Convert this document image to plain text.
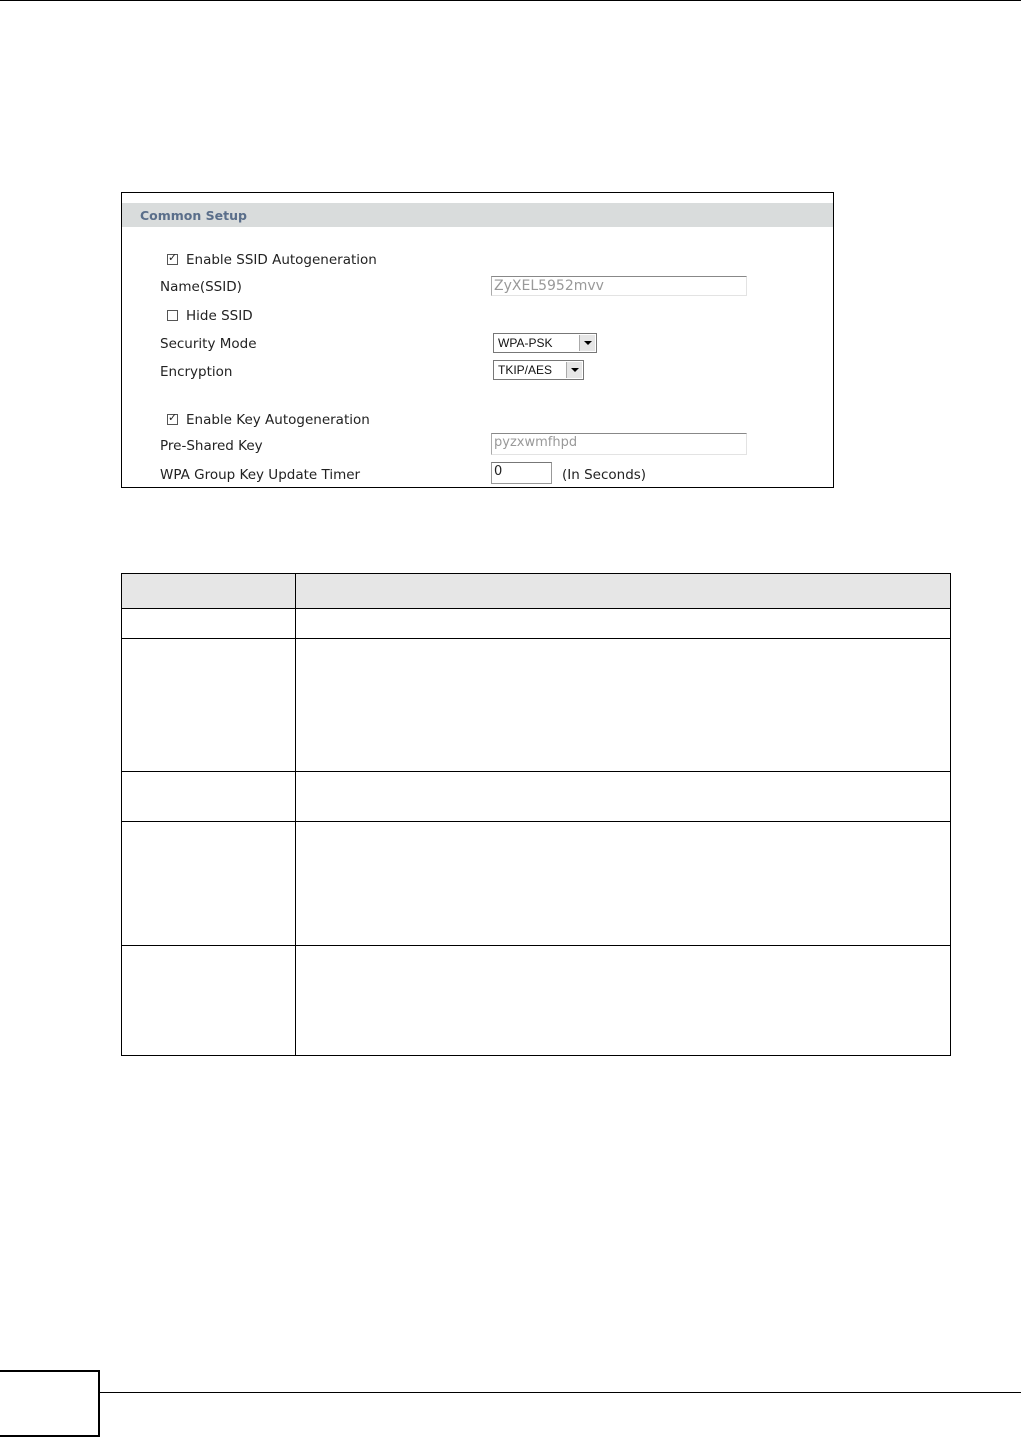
Common Setup
✓
Enable SSID Autogeneration
Name(SSID)	ZyXEL5952mvv
Hide SSID
Security Mode	WPA-PSK
Encryption	TKIP/AES
✓
Enable Key Autogeneration
Pre-Shared Key	pyzxwmfhpd
WPA Group Key Update Timer	0	(In Seconds)
